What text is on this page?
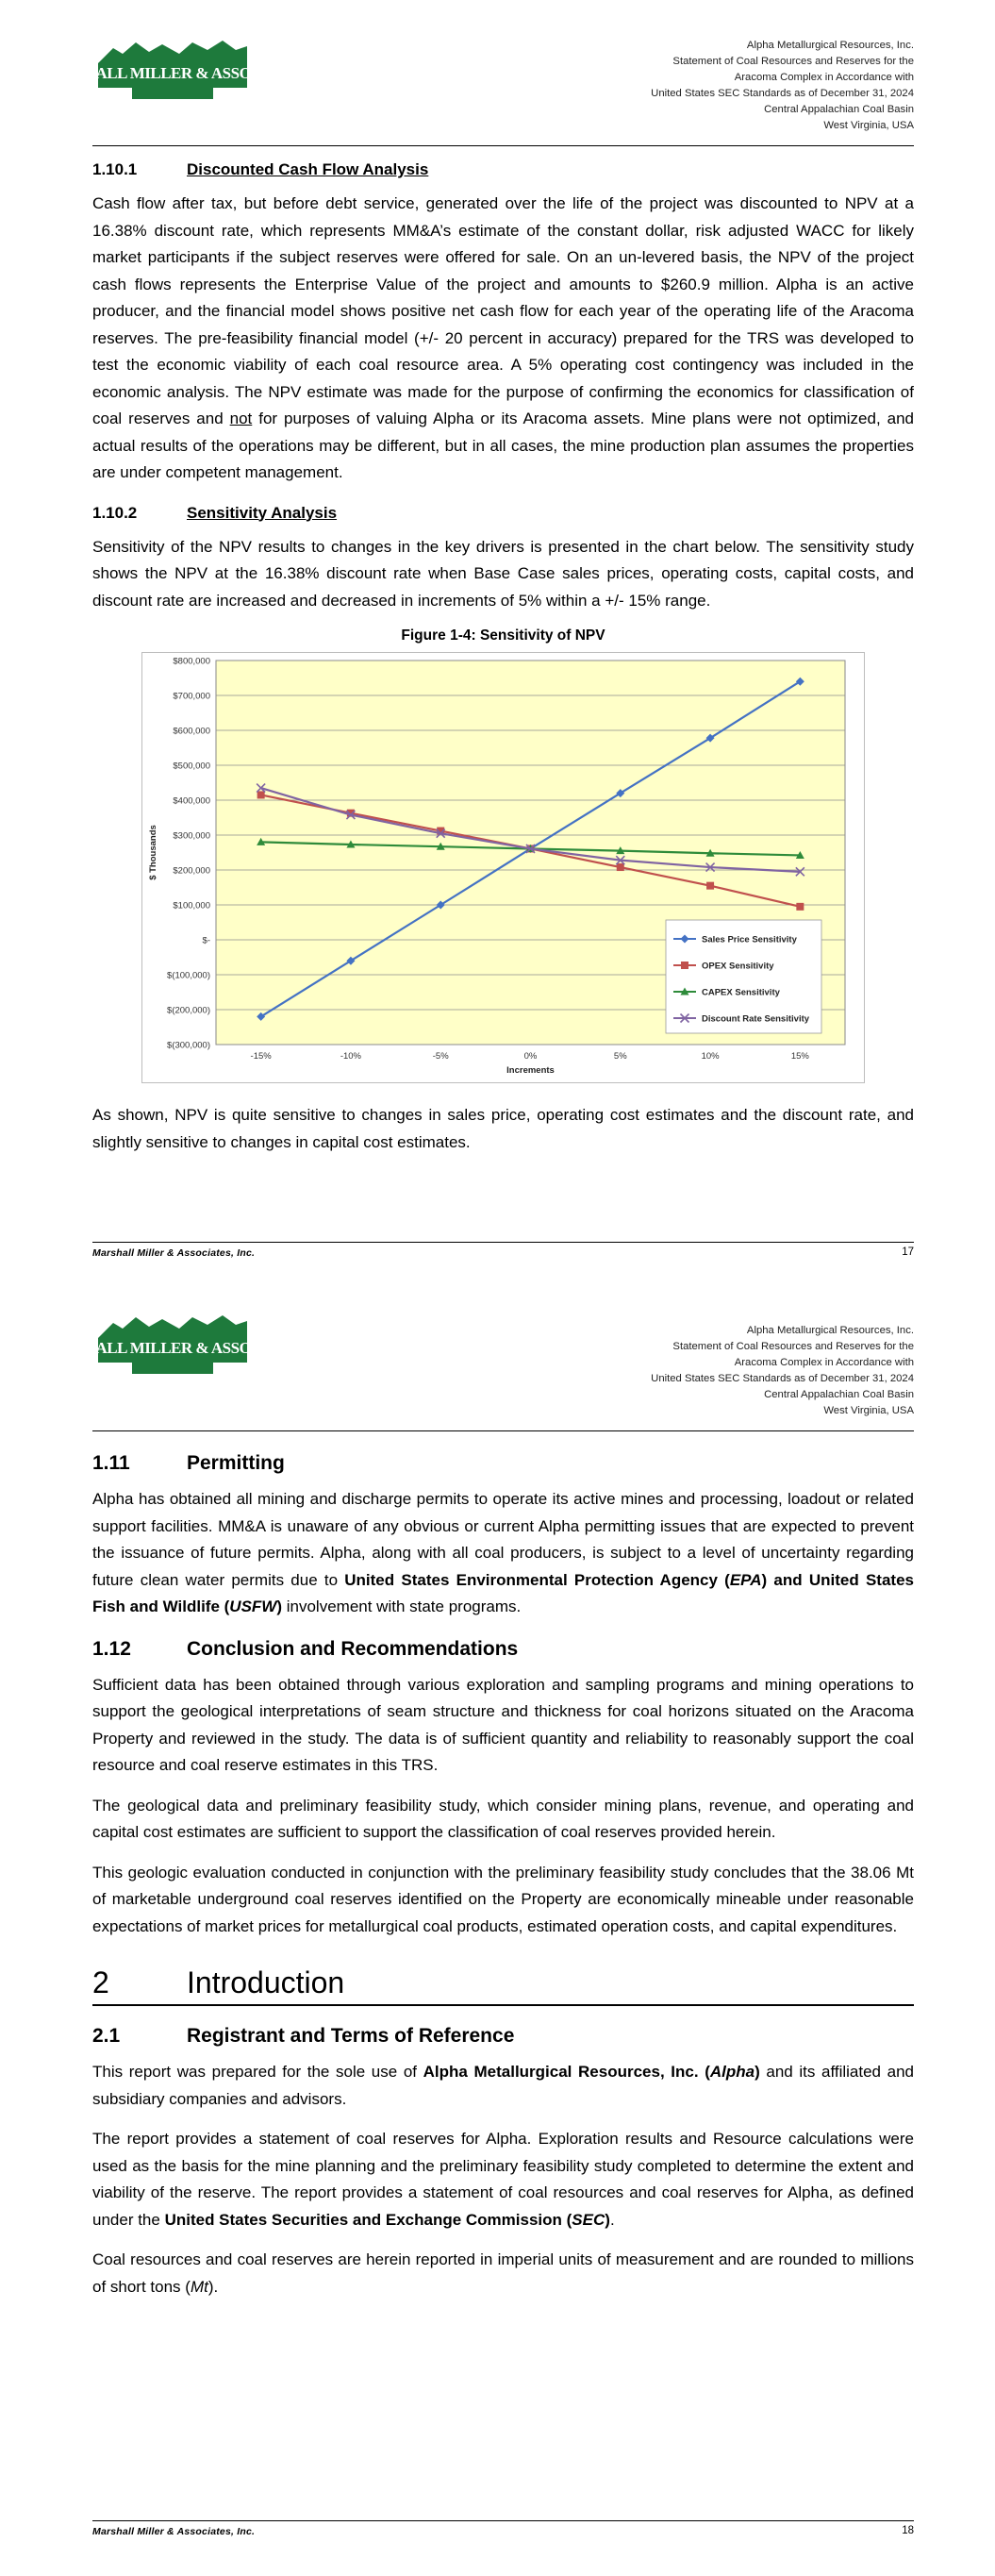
MARSHALL MILLER & ASSOCIATES
Alpha Metallurgical Resources, Inc.
Statement of Coal Resources and Reserves for the
Aracoma Complex in Accordance with
United States SEC Standards as of December 31, 2024
Central Appalachian Coal Basin
West Virginia, USA
1.10.1	Discounted Cash Flow Analysis

Cash flow after tax, but before debt service, generated over the life of the project was discounted to NPV at a 16.38% discount rate, which represents MM&A’s estimate of the constant dollar, risk adjusted WACC for likely market participants if the subject reserves were offered for sale. On an un-levered basis, the NPV of the project cash flows represents the Enterprise Value of the project and amounts to $260.9 million. Alpha is an active producer, and the financial model shows positive net cash flow for each year of the operating life of the Aracoma reserves. The pre-feasibility financial model (+/- 20 percent in accuracy) prepared for the TRS was developed to test the economic viability of each coal resource area. A 5% operating cost contingency was included in the economic analysis. The NPV estimate was made for the purpose of confirming the economics for classification of coal reserves and not for purposes of valuing Alpha or its Aracoma assets. Mine plans were not optimized, and actual results of the operations may be different, but in all cases, the mine production plan assumes the properties are under competent management.

1.10.2	Sensitivity Analysis

Sensitivity of the NPV results to changes in the key drivers is presented in the chart below. The sensitivity study shows the NPV at the 16.38% discount rate when Base Case sales prices, operating costs, capital costs, and discount rate are increased and decreased in increments of 5% within a +/- 15% range.

Figure 1-4: Sensitivity of NPV
$(300,000)
$(200,000)
$(100,000)
$-
$100,000
$200,000
$300,000
$400,000
$500,000
$600,000
$700,000
$800,000
-15%	-10%	-5%	0%	5%	10%	15%
Increments
$ Thousands
Sales Price Sensitivity
OPEX Sensitivity
CAPEX Sensitivity
Discount Rate Sensitivity

As shown, NPV is quite sensitive to changes in sales price, operating cost estimates and the discount rate, and slightly sensitive to changes in capital cost estimates.

Marshall Miller & Associates, Inc.	17
MARSHALL MILLER & ASSOCIATES
Alpha Metallurgical Resources, Inc.
Statement of Coal Resources and Reserves for the
Aracoma Complex in Accordance with
United States SEC Standards as of December 31, 2024
Central Appalachian Coal Basin
West Virginia, USA
1.11	Permitting

Alpha has obtained all mining and discharge permits to operate its active mines and processing, loadout or related support facilities. MM&A is unaware of any obvious or current Alpha permitting issues that are expected to prevent the issuance of future permits. Alpha, along with all coal producers, is subject to a level of uncertainty regarding future clean water permits due to United States Environmental Protection Agency (EPA) and United States Fish and Wildlife (USFW) involvement with state programs.

1.12	Conclusion and Recommendations

Sufficient data has been obtained through various exploration and sampling programs and mining operations to support the geological interpretations of seam structure and thickness for coal horizons situated on the Aracoma Property and reviewed in the study. The data is of sufficient quantity and reliability to reasonably support the coal resource and coal reserve estimates in this TRS.

The geological data and preliminary feasibility study, which consider mining plans, revenue, and operating and capital cost estimates are sufficient to support the classification of coal reserves provided herein.

This geologic evaluation conducted in conjunction with the preliminary feasibility study concludes that the 38.06 Mt of marketable underground coal reserves identified on the Property are economically mineable under reasonable expectations of market prices for metallurgical coal products, estimated operation costs, and capital expenditures.

2	Introduction
2.1	Registrant and Terms of Reference

This report was prepared for the sole use of Alpha Metallurgical Resources, Inc. (Alpha) and its affiliated and subsidiary companies and advisors.

The report provides a statement of coal reserves for Alpha. Exploration results and Resource calculations were used as the basis for the mine planning and the preliminary feasibility study completed to determine the extent and viability of the reserve. The report provides a statement of coal resources and coal reserves for Alpha, as defined under the United States Securities and Exchange Commission (SEC).

Coal resources and coal reserves are herein reported in imperial units of measurement and are rounded to millions of short tons (Mt).

Marshall Miller & Associates, Inc.	18
